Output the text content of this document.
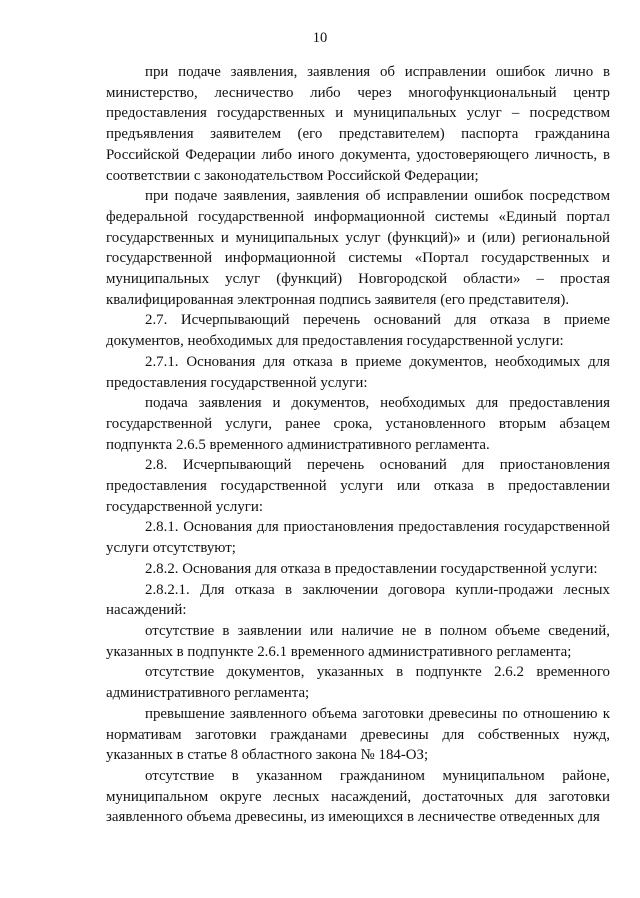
10

при подаче заявления, заявления об исправлении ошибок лично в министерство, лесничество либо через многофункциональный центр предоставления государственных и муниципальных услуг – посредством предъявления заявителем (его представителем) паспорта гражданина Российской Федерации либо иного документа, удостоверяющего личность, в соответствии с законодательством Российской Федерации;

при подаче заявления, заявления об исправлении ошибок посредством федеральной государственной информационной системы «Единый портал государственных и муниципальных услуг (функций)» и (или) региональной государственной информационной системы «Портал государственных и муниципальных услуг (функций) Новгородской области» – простая квалифицированная электронная подпись заявителя (его представителя).

2.7. Исчерпывающий перечень оснований для отказа в приеме документов, необходимых для предоставления государственной услуги:

2.7.1. Основания для отказа в приеме документов, необходимых для предоставления государственной услуги:

подача заявления и документов, необходимых для предоставления государственной услуги, ранее срока, установленного вторым абзацем подпункта 2.6.5 временного административного регламента.

2.8. Исчерпывающий перечень оснований для приостановления предоставления государственной услуги или отказа в предоставлении государственной услуги:

2.8.1. Основания для приостановления предоставления государственной услуги отсутствуют;

2.8.2. Основания для отказа в предоставлении государственной услуги:

2.8.2.1. Для отказа в заключении договора купли-продажи лесных насаждений:

отсутствие в заявлении или наличие не в полном объеме сведений, указанных в подпункте 2.6.1 временного административного регламента;

отсутствие документов, указанных в подпункте 2.6.2 временного административного регламента;

превышение заявленного объема заготовки древесины по отношению к нормативам заготовки гражданами древесины для собственных нужд, указанных в статье 8 областного закона № 184-ОЗ;

отсутствие в указанном гражданином муниципальном районе, муниципальном округе лесных насаждений, достаточных для заготовки заявленного объема древесины, из имеющихся в лесничестве отведенных для
